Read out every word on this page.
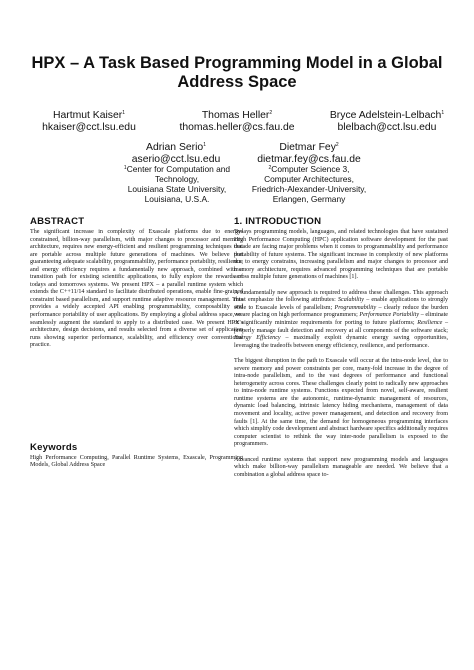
HPX – A Task Based Programming Model in a Global Address Space
Hartmut Kaiser$^1$
hkaiser@cct.lsu.edu
Thomas Heller$^2$
thomas.heller@cs.fau.de
Bryce Adelstein-Lelbach$^1$
blelbach@cct.lsu.edu
Adrian Serio$^1$
aserio@cct.lsu.edu
Dietmar Fey$^2$
dietmar.fey@cs.fau.de
$^1$Center for Computation and
Technology,
Louisiana State University,
Louisiana, U.S.A.
$^2$Computer Science 3,
Computer Architectures,
Friedrich-Alexander-University,
Erlangen, Germany
ABSTRACT

The significant increase in complexity of Exascale platforms due to energy-constrained, billion-way parallelism, with major changes to processor and memory architecture, requires new energy-efficient and resilient programming techniques that are portable across multiple future generations of machines. We believe that guaranteeing adequate scalability, programmability, performance portability, resilience, and energy efficiency requires a fundamentally new approach, combined with a transition path for existing scientific applications, to fully explore the rewards of todays and tomorrows systems. We present HPX – a parallel runtime system which extends the C++11/14 standard to facilitate distributed operations, enable fine-grained constraint based parallelism, and support runtime adaptive resource management. This provides a widely accepted API enabling programmability, composability and performance portability of user applications. By employing a global address space, we seamlessly augment the standard to apply to a distributed case. We present HPX's architecture, design decisions, and results selected from a diverse set of application runs showing superior performance, scalability, and efficiency over conventional practice.

Keywords

High Performance Computing, Parallel Runtime Systems, Exascale, Programming Models, Global Address Space

1. INTRODUCTION

Todays programming models, languages, and related technologies that have sustained High Performance Computing (HPC) application software development for the past decade are facing major problems when it comes to programmability and performance portability of future systems. The significant increase in complexity of new platforms due to energy constrains, increasing parallelism and major changes to processor and memory architecture, requires advanced programming techniques that are portable across multiple future generations of machines [1].

A fundamentally new approach is required to address these challenges. This approach must emphasize the following attributes: Scalability – enable applications to strongly scale to Exascale levels of parallelism; Programmability – clearly reduce the burden we are placing on high performance programmers; Performance Portability – eliminate or significantly minimize requirements for porting to future platforms; Resilience – properly manage fault detection and recovery at all components of the software stack; Energy Efficiency – maximally exploit dynamic energy saving opportunities, leveraging the tradeoffs between energy efficiency, resilience, and performance.

The biggest disruption in the path to Exascale will occur at the intra-node level, due to severe memory and power constraints per core, many-fold increase in the degree of intra-node parallelism, and to the vast degrees of performance and functional heterogeneity across cores. These challenges clearly point to radically new approaches to intra-node runtime systems. Functions expected from novel, self-aware, resilient runtime systems are the autonomic, runtime-dynamic management of resources, dynamic load balancing, intrinsic latency hiding mechanisms, management of data movement and locality, active power management, and detection and recovery from faults [1]. At the same time, the demand for homogeneous programming interfaces which simplify code development and abstract hardware specifics additionally requires computer scientist to rethink the way inter-node parallelism is exposed to the programmers.

Advanced runtime systems that support new programming models and languages which make billion-way parallelism manageable are needed. We believe that a combination a global address space to-
